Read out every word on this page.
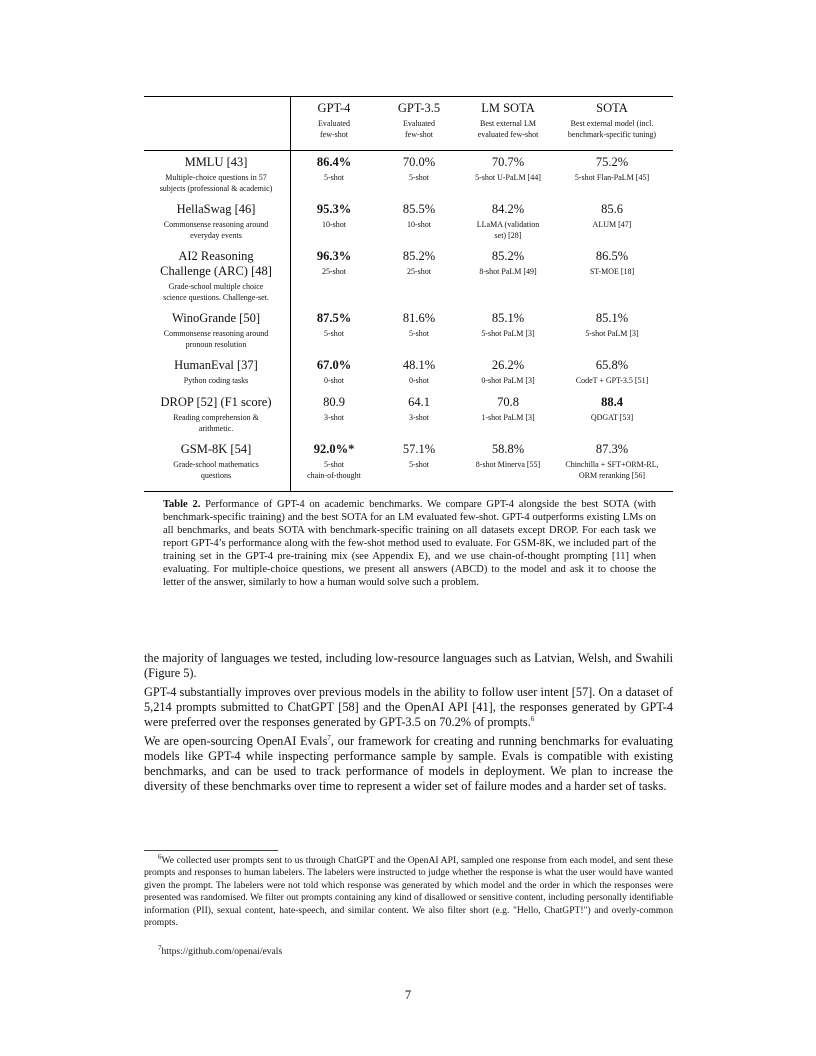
GPT-4
Evaluated
few-shot
GPT-3.5
Evaluated
few-shot
LM SOTA
Best external LM
evaluated few-shot
SOTA
Best external model (incl.
benchmark-specific tuning)
MMLU [43]
Multiple-choice questions in 57
subjects (professional & academic)
86.4%
5-shot
70.0%
5-shot
70.7%
5-shot U-PaLM [44]
75.2%
5-shot Flan-PaLM [45]
HellaSwag [46]
Commonsense reasoning around
everyday events
95.3%
10-shot
85.5%
10-shot
84.2%
LLaMA (validation
set) [28]
85.6
ALUM [47]
AI2 Reasoning
Challenge (ARC) [48]
Grade-school multiple choice
science questions. Challenge-set.
96.3%
25-shot
85.2%
25-shot
85.2%
8-shot PaLM [49]
86.5%
ST-MOE [18]
WinoGrande [50]
Commonsense reasoning around
pronoun resolution
87.5%
5-shot
81.6%
5-shot
85.1%
5-shot PaLM [3]
85.1%
5-shot PaLM [3]
HumanEval [37]
Python coding tasks
67.0%
0-shot
48.1%
0-shot
26.2%
0-shot PaLM [3]
65.8%
CodeT + GPT-3.5 [51]
DROP [52] (F1 score)
Reading comprehension &
arithmetic.
80.9
3-shot
64.1
3-shot
70.8
1-shot PaLM [3]
88.4
QDGAT [53]
GSM-8K [54]
Grade-school mathematics
questions
92.0%*
5-shot
chain-of-thought
57.1%
5-shot
58.8%
8-shot Minerva [55]
87.3%
Chinchilla + SFT+ORM-RL,
ORM reranking [56]
Table 2. Performance of GPT-4 on academic benchmarks. We compare GPT-4 alongside the best SOTA (with benchmark-specific training) and the best SOTA for an LM evaluated few-shot. GPT-4 outperforms existing LMs on all benchmarks, and beats SOTA with benchmark-specific training on all datasets except DROP. For each task we report GPT-4’s performance along with the few-shot method used to evaluate. For GSM-8K, we included part of the training set in the GPT-4 pre-training mix (see Appendix E), and we use chain-of-thought prompting [11] when evaluating. For multiple-choice questions, we present all answers (ABCD) to the model and ask it to choose the letter of the answer, similarly to how a human would solve such a problem.
the majority of languages we tested, including low-resource languages such as Latvian, Welsh, and Swahili (Figure 5).
GPT-4 substantially improves over previous models in the ability to follow user intent [57]. On a dataset of 5,214 prompts submitted to ChatGPT [58] and the OpenAI API [41], the responses generated by GPT-4 were preferred over the responses generated by GPT-3.5 on 70.2% of prompts.$^6$
We are open-sourcing OpenAI Evals$^7$, our framework for creating and running benchmarks for evaluating models like GPT-4 while inspecting performance sample by sample. Evals is compatible with existing benchmarks, and can be used to track performance of models in deployment. We plan to increase the diversity of these benchmarks over time to represent a wider set of failure modes and a harder set of tasks.
$^6$We collected user prompts sent to us through ChatGPT and the OpenAI API, sampled one response from each model, and sent these prompts and responses to human labelers. The labelers were instructed to judge whether the response is what the user would have wanted given the prompt. The labelers were not told which response was generated by which model and the order in which the responses were presented was randomised. We filter out prompts containing any kind of disallowed or sensitive content, including personally identifiable information (PII), sexual content, hate-speech, and similar content. We also filter short (e.g. "Hello, ChatGPT!") and overly-common prompts.
$^7$https://github.com/openai/evals
7
